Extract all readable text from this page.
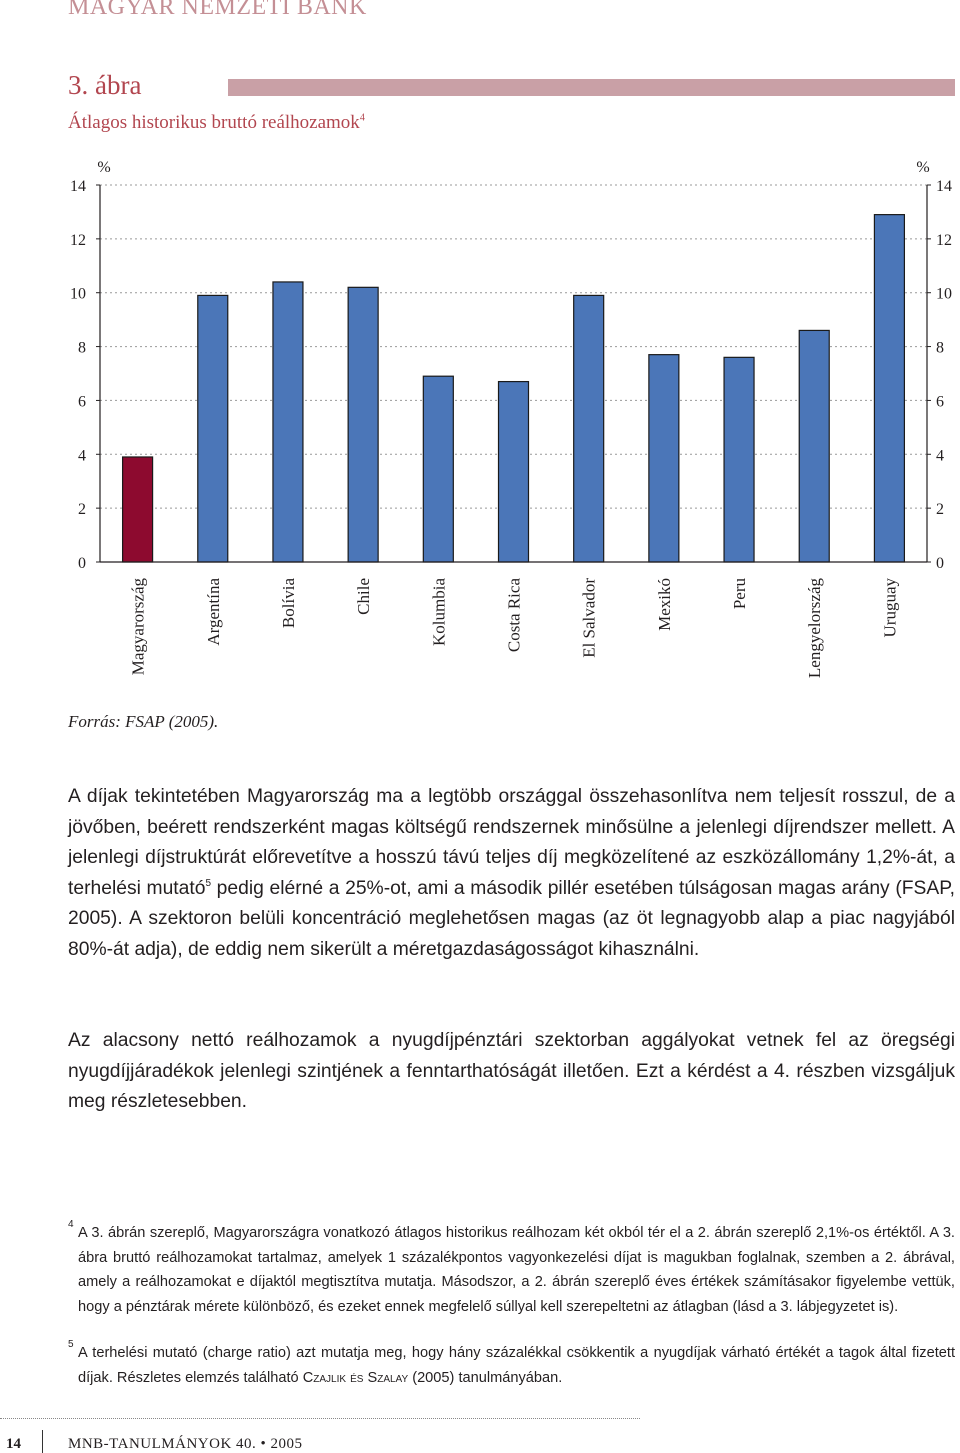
MAGYAR NEMZETI BANK
3. ábra
Átlagos historikus bruttó reálhozamok$^4$
%	%
0	0
2	2
4	4
6	6
8	8
10	10
12	12
14	14
Magyarország	Argentína	Bolívia	Chile	Kolumbia	Costa Rica	El Salvador	Mexikó	Peru	Lengyelország	Uruguay
Forrás: FSAP (2005).

A díjak tekintetében Magyarország ma a legtöbb országgal összehasonlítva nem teljesít rosszul, de a jövőben, beérett rendszerként magas költségű rendszernek minősülne a jelenlegi díjrendszer mellett. A jelenlegi díjstruktúrát előrevetítve a hosszú távú teljes díj megközelítené az eszközállomány 1,2%-át, a terhelési mutató$^5$ pedig elérné a 25%-ot, ami a második pillér esetében túlságosan magas arány (FSAP, 2005). A szektoron belüli koncentráció meglehetősen magas (az öt legnagyobb alap a piac nagyjából 80%-át adja), de eddig nem sikerült a méretgazdaságosságot kihasználni.

Az alacsony nettó reálhozamok a nyugdíjpénztári szektorban aggályokat vetnek fel az öregségi nyugdíjjáradékok jelenlegi szintjének a fenntarthatóságát illetően. Ezt a kérdést a 4. részben vizsgáljuk meg részletesebben.

4

A 3. ábrán szereplő, Magyarországra vonatkozó átlagos historikus reálhozam két okból tér el a 2. ábrán szereplő 2,1%-os értéktől. A 3. ábra bruttó reálhozamokat tartalmaz, amelyek 1 százalékpontos vagyonkezelési díjat is magukban foglalnak, szemben a 2. ábrával, amely a reálhozamokat e díjaktól megtisztítva mutatja. Másodszor, a 2. ábrán szereplő éves értékek számításakor figyelembe vettük, hogy a pénztárak mérete különböző, és ezeket ennek megfelelő súllyal kell szerepeltetni az átlagban (lásd a 3. lábjegyzetet is).

5

A terhelési mutató (charge ratio) azt mutatja meg, hogy hány százalékkal csökkentik a nyugdíjak várható értékét a tagok által fizetett díjak. Részletes elemzés található Czajlik és Szalay (2005) tanulmányában.

14	MNB-TANULMÁNYOK 40. • 2005
